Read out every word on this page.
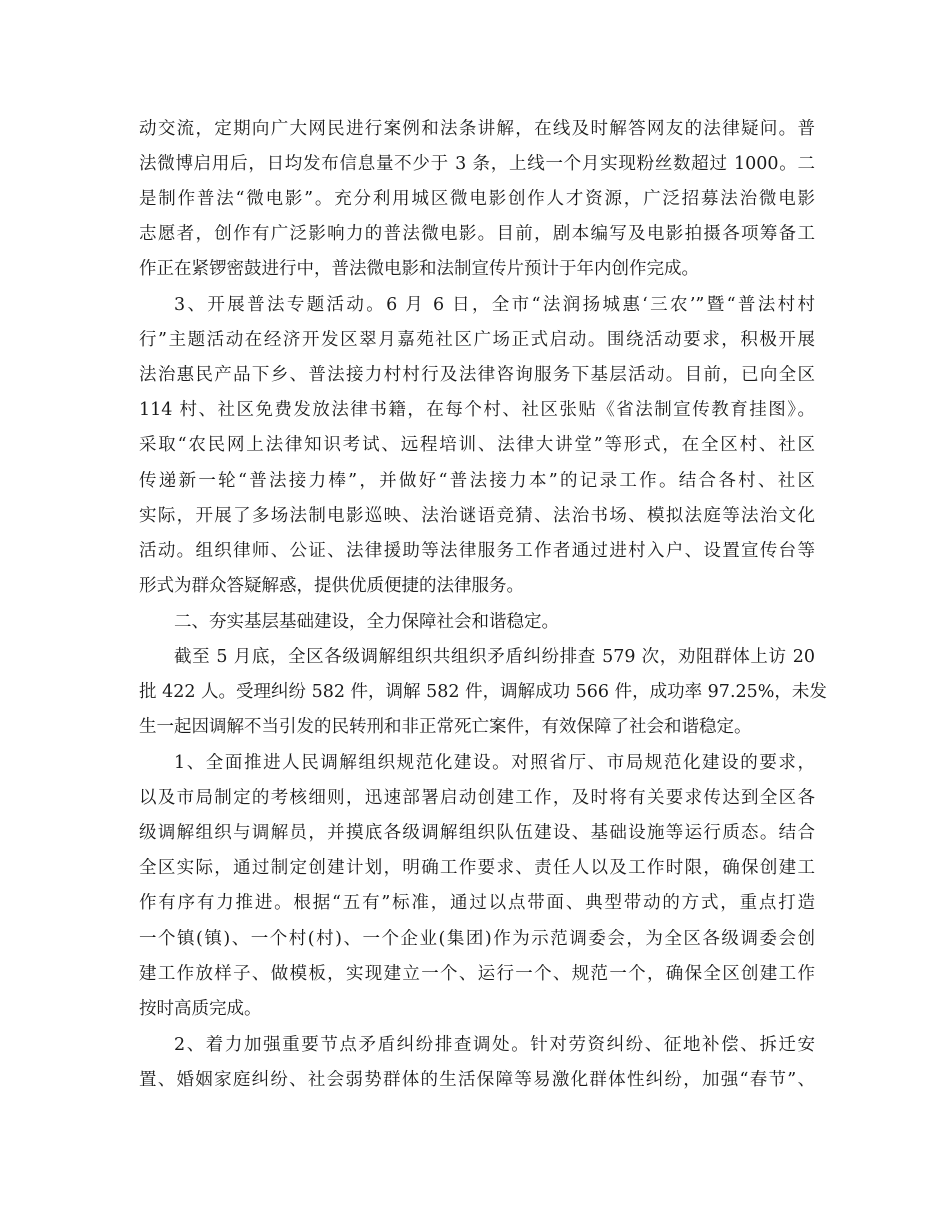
动交流，定期向广大网民进行案例和法条讲解，在线及时解答网友的法律疑问。普
法微博启用后，日均发布信息量不少于 3 条，上线一个月实现粉丝数超过 1000。二
是制作普法“微电影”。充分利用城区微电影创作人才资源，广泛招募法治微电影
志愿者，创作有广泛影响力的普法微电影。目前，剧本编写及电影拍摄各项筹备工
作正在紧锣密鼓进行中，普法微电影和法制宣传片预计于年内创作完成。
3、开展普法专题活动。6 月 6 日，全市“法润扬城惠‘三农’”暨“普法村村
行”主题活动在经济开发区翠月嘉苑社区广场正式启动。围绕活动要求，积极开展
法治惠民产品下乡、普法接力村村行及法律咨询服务下基层活动。目前，已向全区
114 村、社区免费发放法律书籍，在每个村、社区张贴《省法制宣传教育挂图》。
采取“农民网上法律知识考试、远程培训、法律大讲堂”等形式，在全区村、社区
传递新一轮“普法接力棒”，并做好“普法接力本”的记录工作。结合各村、社区
实际，开展了多场法制电影巡映、法治谜语竞猜、法治书场、模拟法庭等法治文化
活动。组织律师、公证、法律援助等法律服务工作者通过进村入户、设置宣传台等
形式为群众答疑解惑，提供优质便捷的法律服务。
二、夯实基层基础建设，全力保障社会和谐稳定。
截至 5 月底，全区各级调解组织共组织矛盾纠纷排查 579 次，劝阻群体上访 20
批 422 人。受理纠纷 582 件，调解 582 件，调解成功 566 件，成功率 97.25%，未发
生一起因调解不当引发的民转刑和非正常死亡案件，有效保障了社会和谐稳定。
1、全面推进人民调解组织规范化建设。对照省厅、市局规范化建设的要求，
以及市局制定的考核细则，迅速部署启动创建工作，及时将有关要求传达到全区各
级调解组织与调解员，并摸底各级调解组织队伍建设、基础设施等运行质态。结合
全区实际，通过制定创建计划，明确工作要求、责任人以及工作时限，确保创建工
作有序有力推进。根据“五有”标准，通过以点带面、典型带动的方式，重点打造
一个镇(镇)、一个村(村)、一个企业(集团)作为示范调委会，为全区各级调委会创
建工作放样子、做模板，实现建立一个、运行一个、规范一个，确保全区创建工作
按时高质完成。
2、着力加强重要节点矛盾纠纷排查调处。针对劳资纠纷、征地补偿、拆迁安
置、婚姻家庭纠纷、社会弱势群体的生活保障等易激化群体性纠纷，加强“春节”、
